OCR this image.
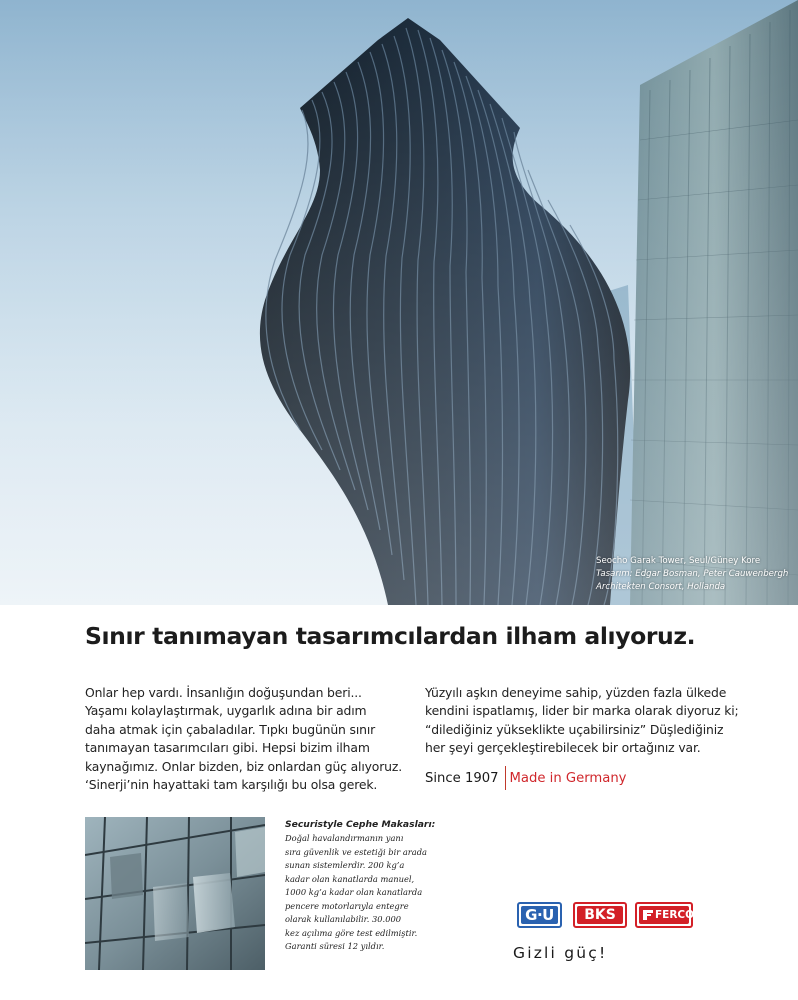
Seocho Garak Tower, Seul/Güney Kore
Tasarım: Edgar Bosman, Peter Cauwenbergh
Architekten Consort, Hollanda
Sınır tanımayan tasarımcılardan ilham alıyoruz.

Onlar hep vardı. İnsanlığın doğuşundan beri...

Yaşamı kolaylaştırmak, uygarlık adına bir adım

daha atmak için çabaladılar. Tıpkı bugünün sınır

tanımayan tasarımcıları gibi. Hepsi bizim ilham

kaynağımız. Onlar bizden, biz onlardan güç alıyoruz.

‘Sinerji’nin hayattaki tam karşılığı bu olsa gerek.

Yüzyılı aşkın deneyime sahip, yüzden fazla ülkede

kendini ispatlamış, lider bir marka olarak diyoruz ki;

“dilediğiniz yükseklikte uçabilirsiniz” Düşlediğiniz

her şeyi gerçekleştirebilecek bir ortağınız var.

Since 1907 Made in Germany
Securistyle Cephe Makasları:
Doğal havalandırmanın yanı
sıra güvenlik ve estetiği bir arada
sunan sistemlerdir. 200 kg’a
kadar olan kanatlarda manuel,
1000 kg’a kadar olan kanatlarda
pencere motorlarıyla entegre
olarak kullanılabilir. 30.000
kez açılıma göre test edilmiştir.
Garanti süresi 12 yıldır.
G·U	BKS	FERCO
Gizli güç!
